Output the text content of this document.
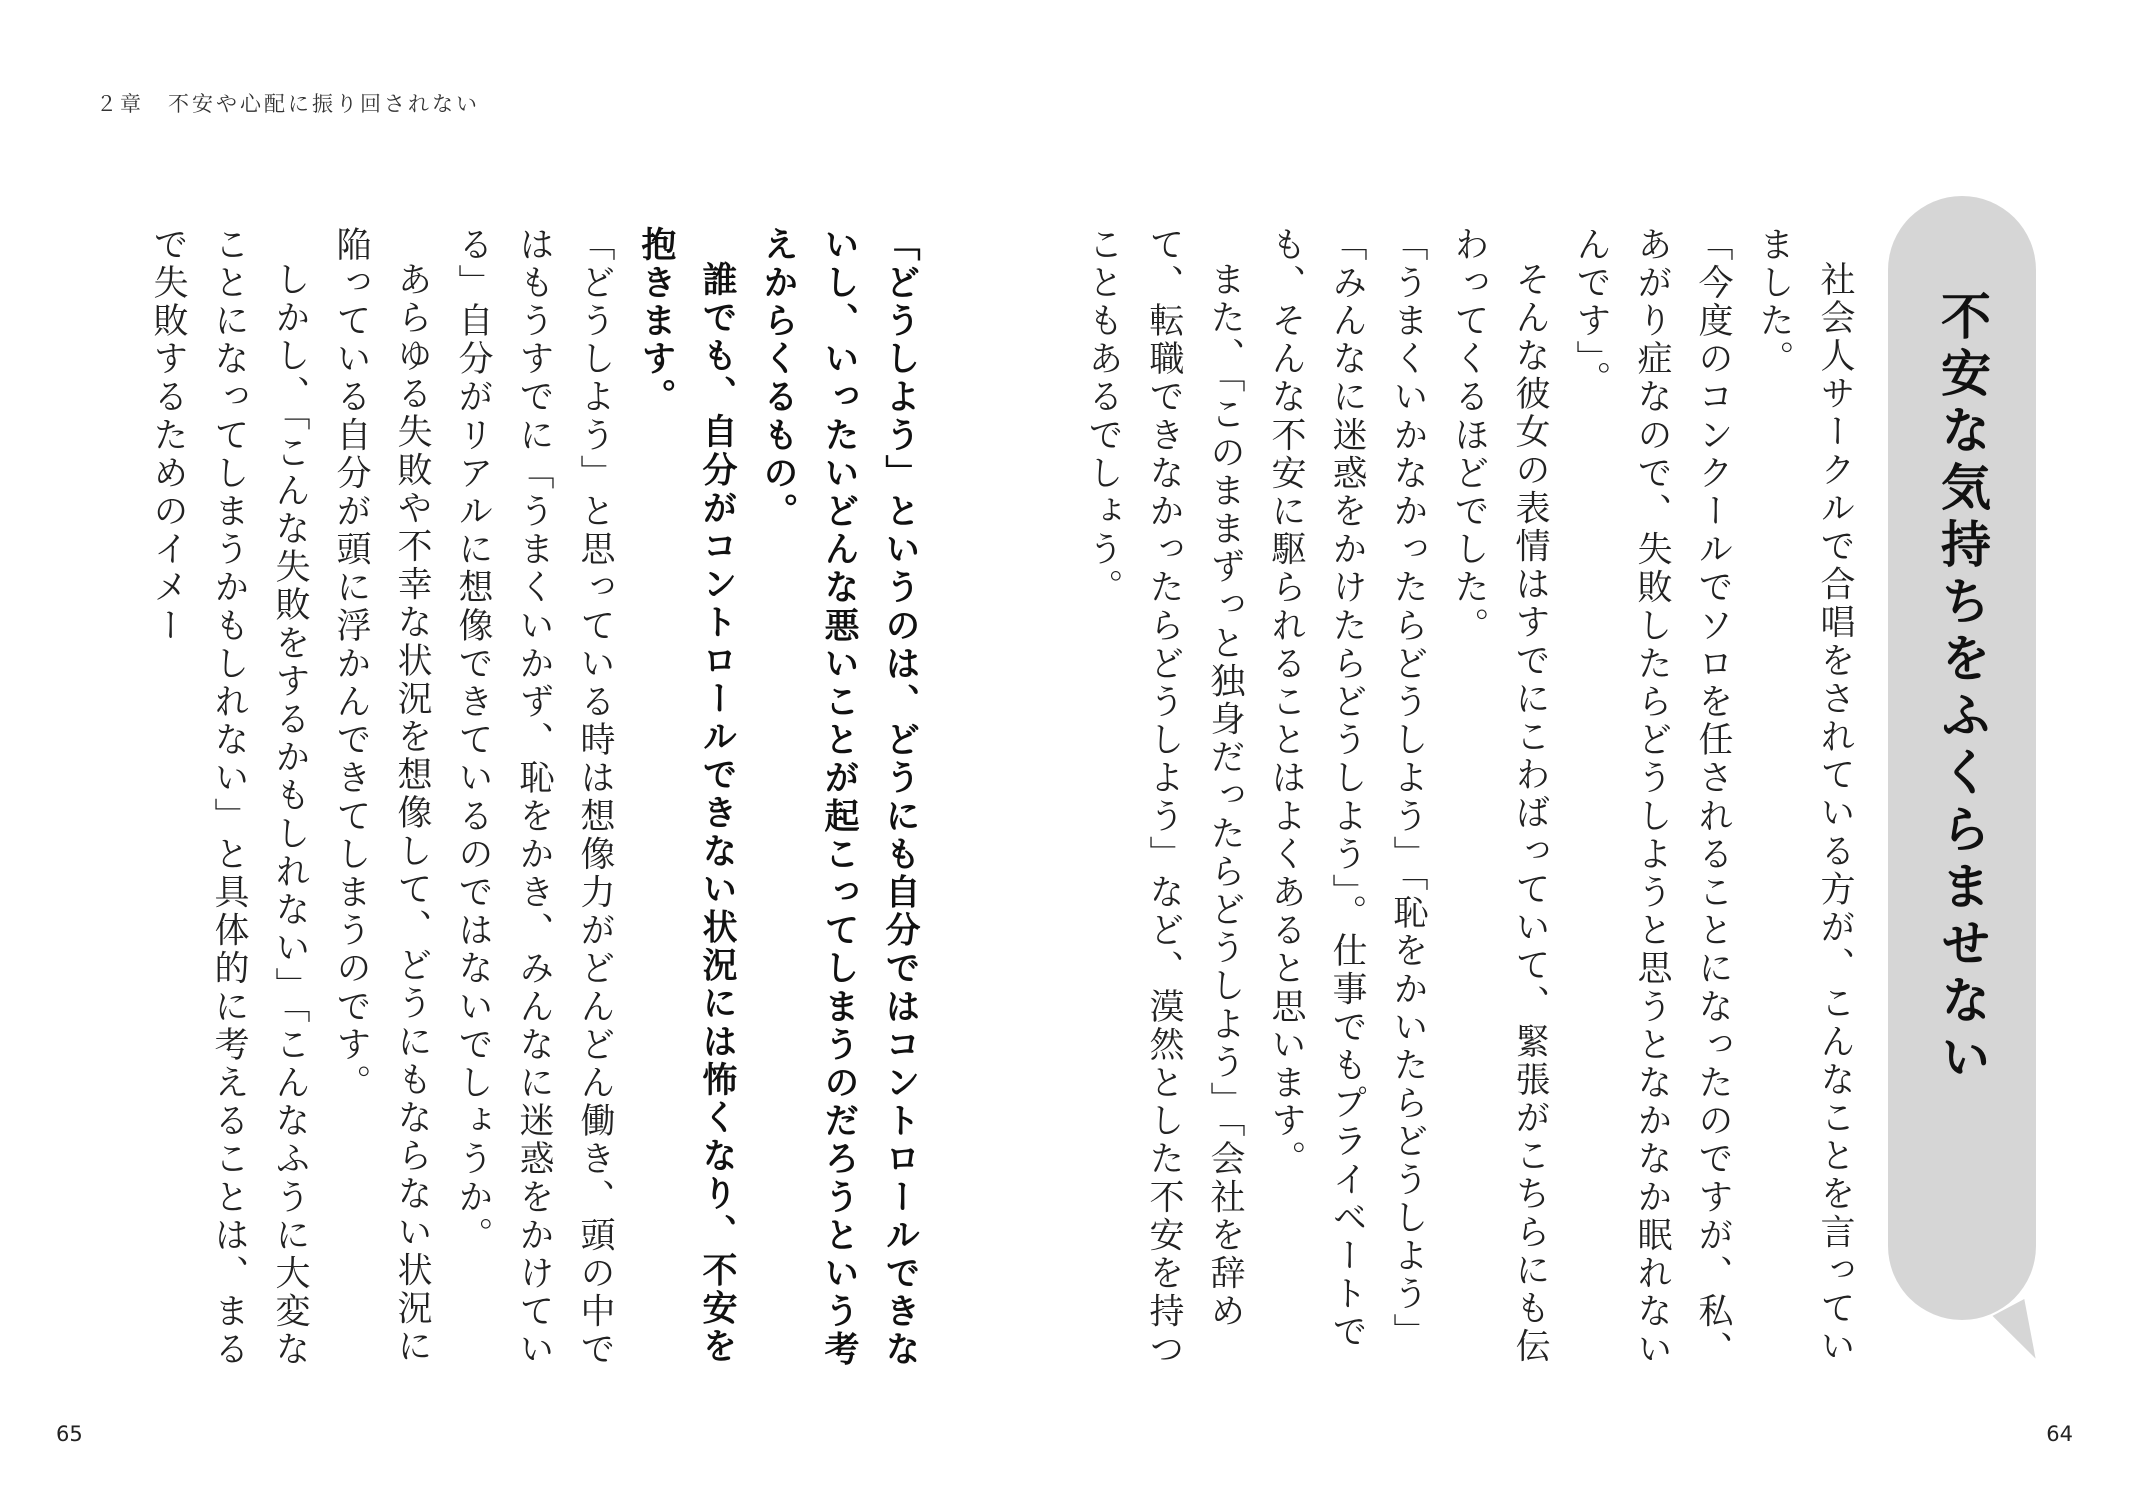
２章　不安や心配に振り回されない
不安な気持ちをふくらませない

社会人サークルで合唱をされている方が、こんなことを言っていました。

「今度のコンクールでソロを任されることになったのですが、私、あがり症なので、失敗したらどうしようと思うとなかなか眠れないんです」。

そんな彼女の表情はすでにこわばっていて、緊張がこちらにも伝わってくるほどでした。

「うまくいかなかったらどうしよう」「恥をかいたらどうしよう」「みんなに迷惑をかけたらどうしよう」。仕事でもプライベートでも、そんな不安に駆られることはよくあると思います。

また、「このままずっと独身だったらどうしよう」「会社を辞めて、転職できなかったらどうしよう」など、漠然とした不安を持つこともあるでしょう。

「どうしよう」というのは、どうにも自分ではコントロールできないし、いったいどんな悪いことが起こってしまうのだろうという考えからくるもの。

誰でも、自分がコントロールできない状況には怖くなり、不安を抱きます。

「どうしよう」と思っている時は想像力がどんどん働き、頭の中ではもうすでに「うまくいかず、恥をかき、みんなに迷惑をかけている」自分がリアルに想像できているのではないでしょうか。

あらゆる失敗や不幸な状況を想像して、どうにもならない状況に陥っている自分が頭に浮かんできてしまうのです。

しかし、「こんな失敗をするかもしれない」「こんなふうに大変なことになってしまうかもしれない」と具体的に考えることは、まるで失敗するためのイメー

65	64
